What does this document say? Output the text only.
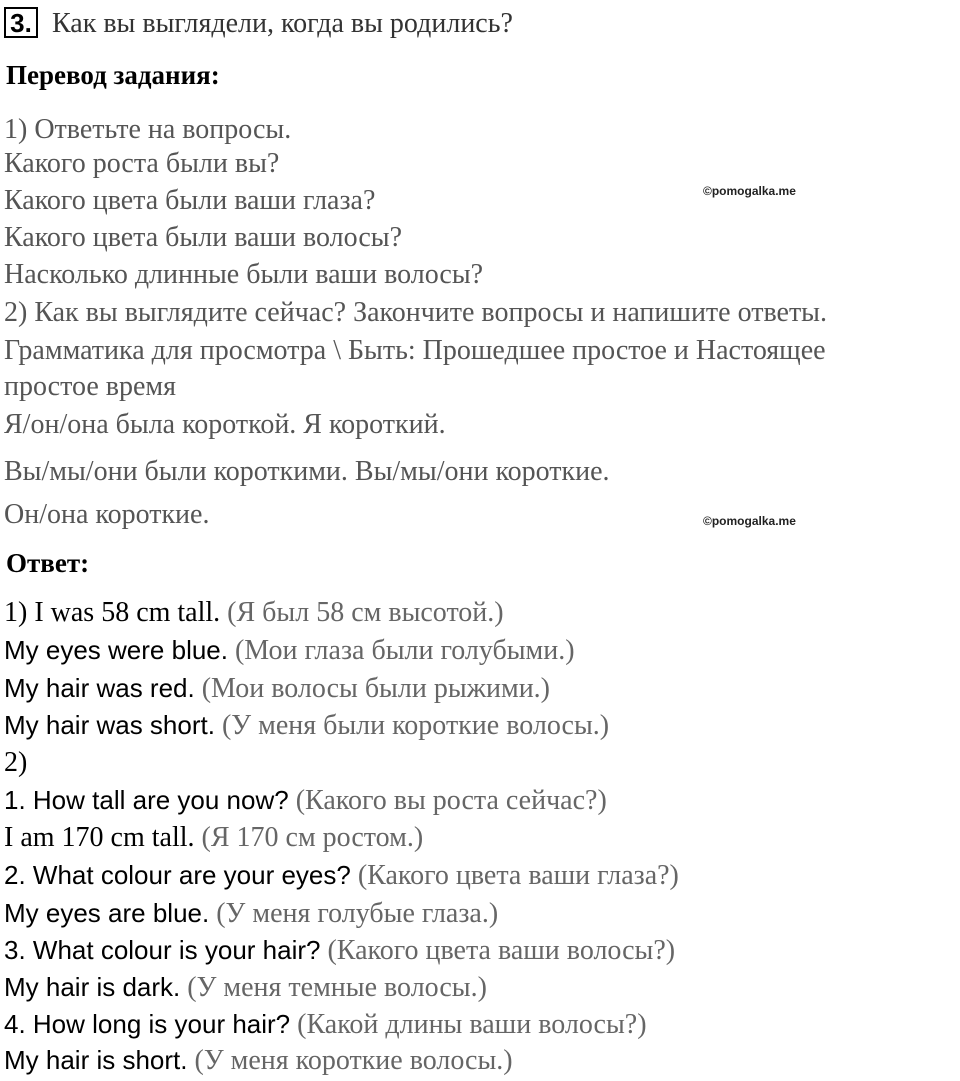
3. Как вы выглядели, когда вы родились?
Перевод задания:
1) Ответьте на вопросы.
Какого роста были вы?
Какого цвета были ваши глаза?
Какого цвета были ваши волосы?
Насколько длинные были ваши волосы?
2) Как вы выглядите сейчас? Закончите вопросы и напишите ответы.
Грамматика для просмотра \ Быть: Прошедшее простое и Настоящее
простое время
Я/он/она была короткой. Я короткий.
Вы/мы/они были короткими. Вы/мы/они короткие.
Он/она короткие.
©pomogalka.me
©pomogalka.me
Ответ:
1) I was 58 cm tall. (Я был 58 см высотой.)
My eyes were blue. (Мои глаза были голубыми.)
My hair was red. (Мои волосы были рыжими.)
My hair was short. (У меня были короткие волосы.)
2)
1. How tall are you now? (Какого вы роста сейчас?)
I am 170 cm tall. (Я 170 см ростом.)
2. What colour are your eyes? (Какого цвета ваши глаза?)
My eyes are blue. (У меня голубые глаза.)
3. What colour is your hair? (Какого цвета ваши волосы?)
My hair is dark. (У меня темные волосы.)
4. How long is your hair? (Какой длины ваши волосы?)
My hair is short. (У меня короткие волосы.)
